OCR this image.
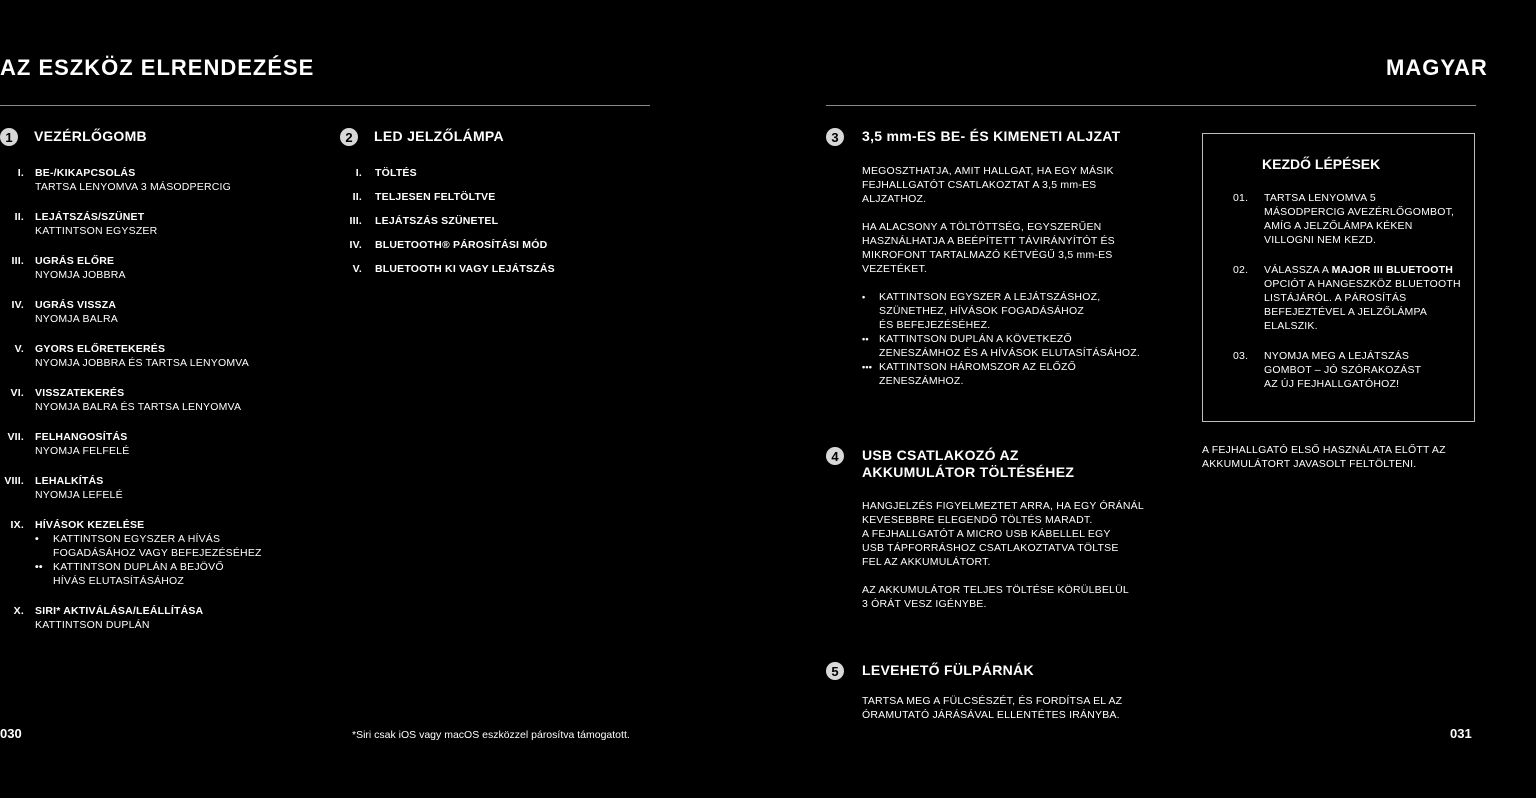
AZ ESZKÖZ ELRENDEZÉSE
1	VEZÉRLŐGOMB
I. BE-/KIKAPCSOLÁS
TARTSA LENYOMVA 3 MÁSODPERCIG
II. LEJÁTSZÁS/SZÜNET
KATTINTSON EGYSZER
III. UGRÁS ELŐRE
NYOMJA JOBBRA
IV. UGRÁS VISSZA
NYOMJA BALRA
V. GYORS ELŐRETEKERÉS
NYOMJA JOBBRA ÉS TARTSA LENYOMVA
VI. VISSZATEKERÉS
NYOMJA BALRA ÉS TARTSA LENYOMVA
VII. FELHANGOSÍTÁS
NYOMJA FELFELÉ
VIII. LEHALKÍTÁS
NYOMJA LEFELÉ
IX. HÍVÁSOK KEZELÉSE
• KATTINTSON EGYSZER A HÍVÁS
FOGADÁSÁHOZ VAGY BEFEJEZÉSÉHEZ
•• KATTINTSON DUPLÁN A BEJÖVŐ
HÍVÁS ELUTASÍTÁSÁHOZ
X. SIRI* AKTIVÁLÁSA/LEÁLLÍTÁSA
KATTINTSON DUPLÁN
2	LED JELZŐLÁMPA
I. TÖLTÉS
II. TELJESEN FELTÖLTVE
III. LEJÁTSZÁS SZÜNETEL
IV. BLUETOOTH® PÁROSÍTÁSI MÓD
V. BLUETOOTH KI VAGY LEJÁTSZÁS
030	*Siri csak iOS vagy macOS eszközzel párosítva támogatott.
MAGYAR
3	3,5 mm-ES BE- ÉS KIMENETI ALJZAT
MEGOSZTHATJA, AMIT HALLGAT, HA EGY MÁSIK
FEJHALLGATÓT CSATLAKOZTAT A 3,5 mm-ES
ALJZATHOZ.
HA ALACSONY A TÖLTÖTTSÉG, EGYSZERŰEN
HASZNÁLHATJA A BEÉPÍTETT TÁVIRÁNYÍTÓT ÉS
MIKROFONT TARTALMAZÓ KÉTVÉGŰ 3,5 mm-ES
VEZETÉKET.
• KATTINTSON EGYSZER A LEJÁTSZÁSHOZ,
SZÜNETHEZ, HÍVÁSOK FOGADÁSÁHOZ
ÉS BEFEJEZÉSÉHEZ.
•• KATTINTSON DUPLÁN A KÖVETKEZŐ
ZENESZÁMHOZ ÉS A HÍVÁSOK ELUTASÍTÁSÁHOZ.
••• KATTINTSON HÁROMSZOR AZ ELŐZŐ
ZENESZÁMHOZ.
4	USB CSATLAKOZÓ AZ
AKKUMULÁTOR TÖLTÉSÉHEZ
HANGJELZÉS FIGYELMEZTET ARRA, HA EGY ÓRÁNÁL
KEVESEBBRE ELEGENDŐ TÖLTÉS MARADT.
A FEJHALLGATÓT A MICRO USB KÁBELLEL EGY
USB TÁPFORRÁSHOZ CSATLAKOZTATVA TÖLTSE
FEL AZ AKKUMULÁTORT.
AZ AKKUMULÁTOR TELJES TÖLTÉSE KÖRÜLBELÜL
3 ÓRÁT VESZ IGÉNYBE.
5	LEVEHETŐ FÜLPÁRNÁK
TARTSA MEG A FÜLCSÉSZÉT, ÉS FORDÍTSA EL AZ
ÓRAMUTATÓ JÁRÁSÁVAL ELLENTÉTES IRÁNYBA.
KEZDŐ LÉPÉSEK
01. TARTSA LENYOMVA 5
MÁSODPERCIG AVEZÉRLŐGOMBOT,
AMÍG A JELZŐLÁMPA KÉKEN
VILLOGNI NEM KEZD.
02. VÁLASSZA A MAJOR III BLUETOOTH
OPCIÓT A HANGESZKÖZ BLUETOOTH
LISTÁJÁRÓL. A PÁROSÍTÁS
BEFEJEZTÉVEL A JELZŐLÁMPA
ELALSZIK.
03. NYOMJA MEG A LEJÁTSZÁS
GOMBOT – JÓ SZÓRAKOZÁST
AZ ÚJ FEJHALLGATÓHOZ!
A FEJHALLGATÓ ELSŐ HASZNÁLATA ELŐTT AZ
AKKUMULÁTORT JAVASOLT FELTÖLTENI.
031
